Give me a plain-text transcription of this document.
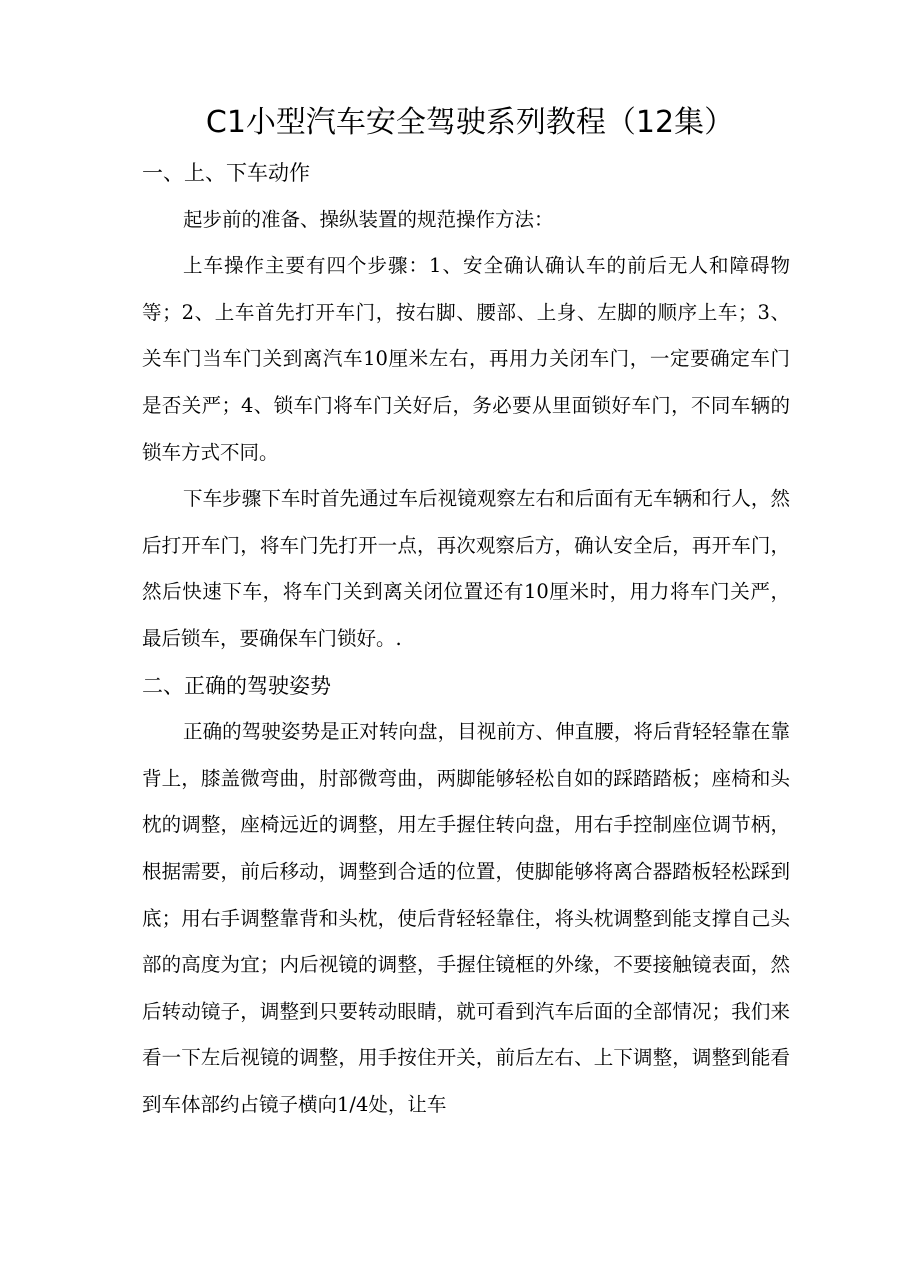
C1小型汽车安全驾驶系列教程（12集）

一、上、下车动作

起步前的准备、操纵装置的规范操作方法：

上车操作主要有四个步骤：1、安全确认确认车的前后无人和障碍物等；2、上车首先打开车门，按右脚、腰部、上身、左脚的顺序上车；3、关车门当车门关到离汽车10厘米左右，再用力关闭车门，一定要确定车门是否关严；4、锁车门将车门关好后，务必要从里面锁好车门，不同车辆的锁车方式不同。

下车步骤下车时首先通过车后视镜观察左右和后面有无车辆和行人，然后打开车门，将车门先打开一点，再次观察后方，确认安全后，再开车门，然后快速下车，将车门关到离关闭位置还有10厘米时，用力将车门关严，最后锁车，要确保车门锁好。.

二、正确的驾驶姿势

正确的驾驶姿势是正对转向盘，目视前方、伸直腰，将后背轻轻靠在靠背上，膝盖微弯曲，肘部微弯曲，两脚能够轻松自如的踩踏踏板；座椅和头枕的调整，座椅远近的调整，用左手握住转向盘，用右手控制座位调节柄，根据需要，前后移动，调整到合适的位置，使脚能够将离合器踏板轻松踩到底；用右手调整靠背和头枕，使后背轻轻靠住，将头枕调整到能支撑自己头部的高度为宜；内后视镜的调整，手握住镜框的外缘，不要接触镜表面，然后转动镜子，调整到只要转动眼睛，就可看到汽车后面的全部情况；我们来看一下左后视镜的调整，用手按住开关，前后左右、上下调整，调整到能看到车体部约占镜子横向1/4处，让车
